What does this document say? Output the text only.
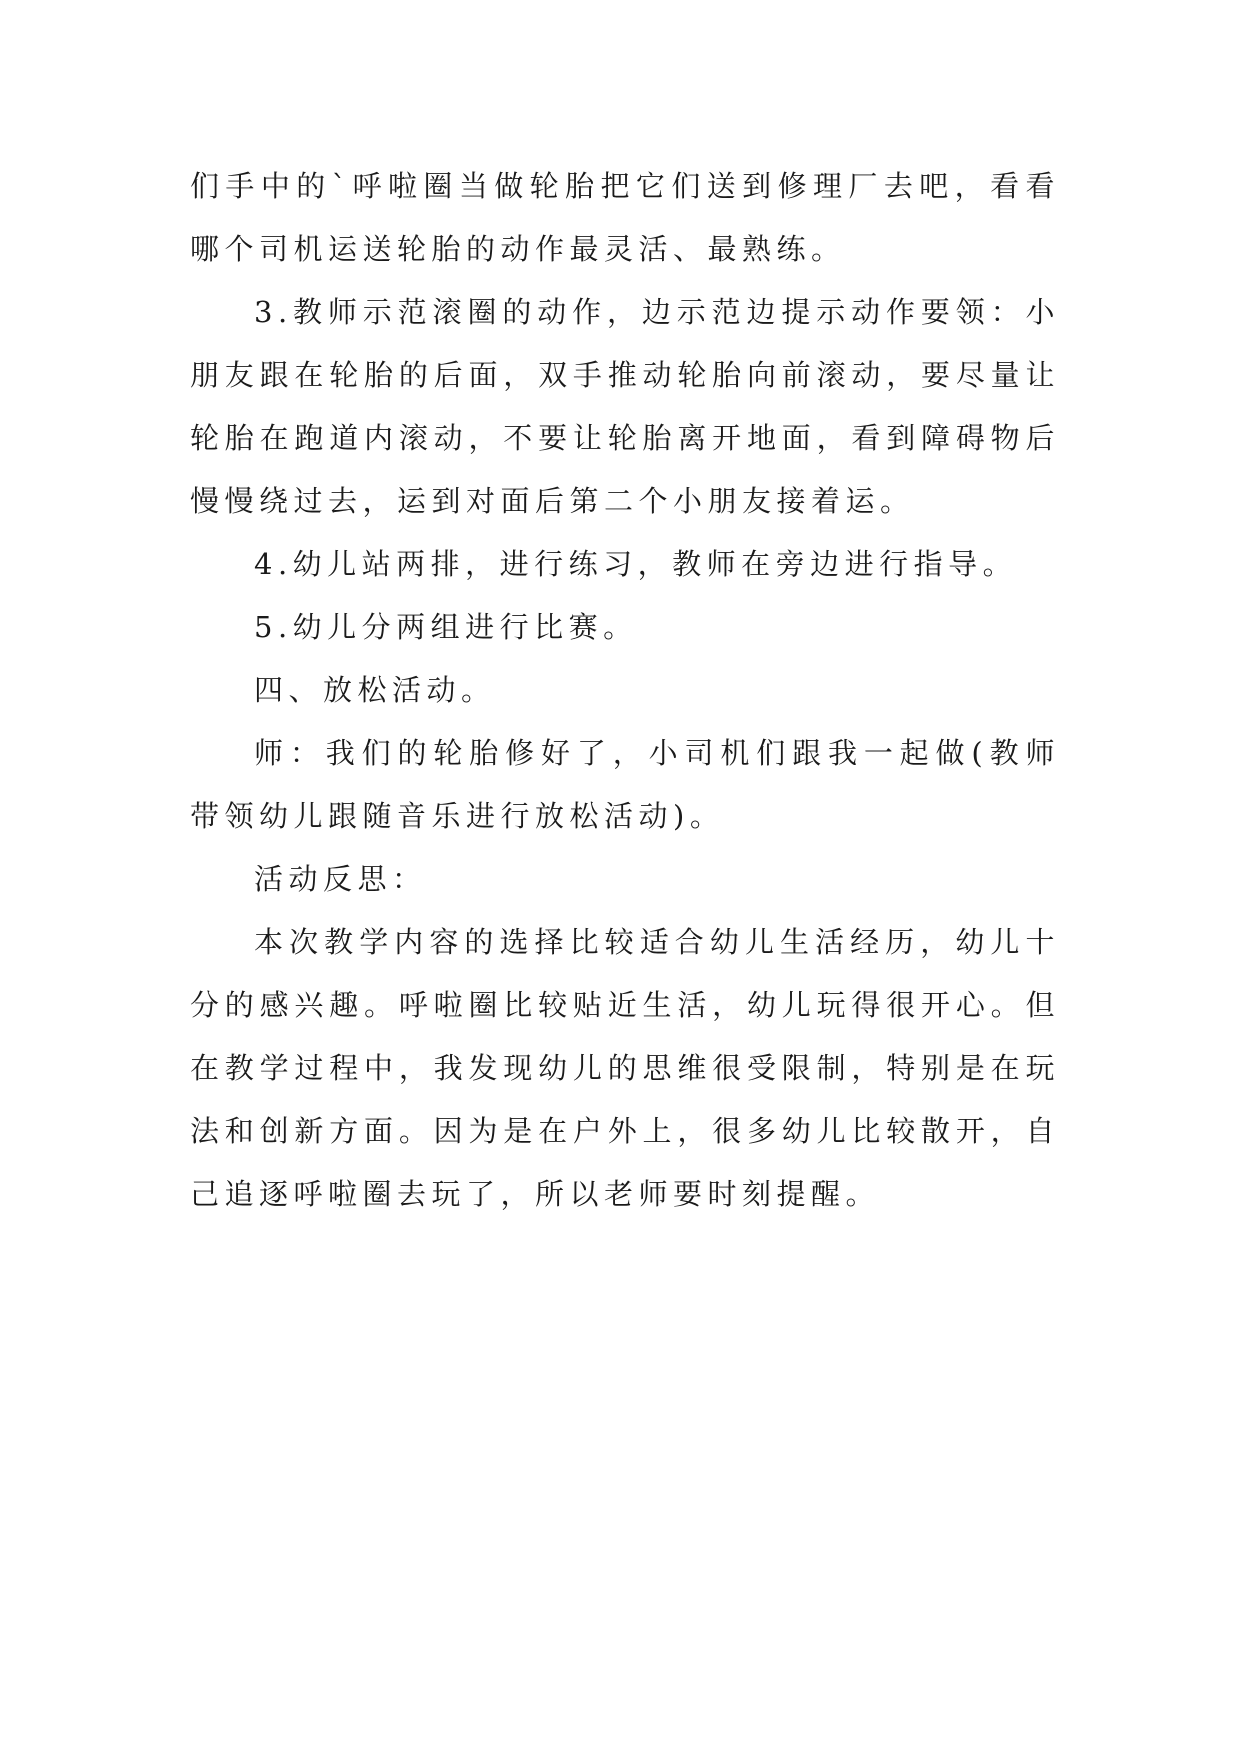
们手中的`呼啦圈当做轮胎把它们送到修理厂去吧，看看哪个司机运送轮胎的动作最灵活、最熟练。

3.教师示范滚圈的动作，边示范边提示动作要领：小朋友跟在轮胎的后面，双手推动轮胎向前滚动，要尽量让轮胎在跑道内滚动，不要让轮胎离开地面，看到障碍物后慢慢绕过去，运到对面后第二个小朋友接着运。

4.幼儿站两排，进行练习，教师在旁边进行指导。

5.幼儿分两组进行比赛。

四、放松活动。

师：我们的轮胎修好了，小司机们跟我一起做(教师带领幼儿跟随音乐进行放松活动)。

活动反思：

本次教学内容的选择比较适合幼儿生活经历，幼儿十分的感兴趣。呼啦圈比较贴近生活，幼儿玩得很开心。但在教学过程中，我发现幼儿的思维很受限制，特别是在玩法和创新方面。因为是在户外上，很多幼儿比较散开，自己追逐呼啦圈去玩了，所以老师要时刻提醒。
